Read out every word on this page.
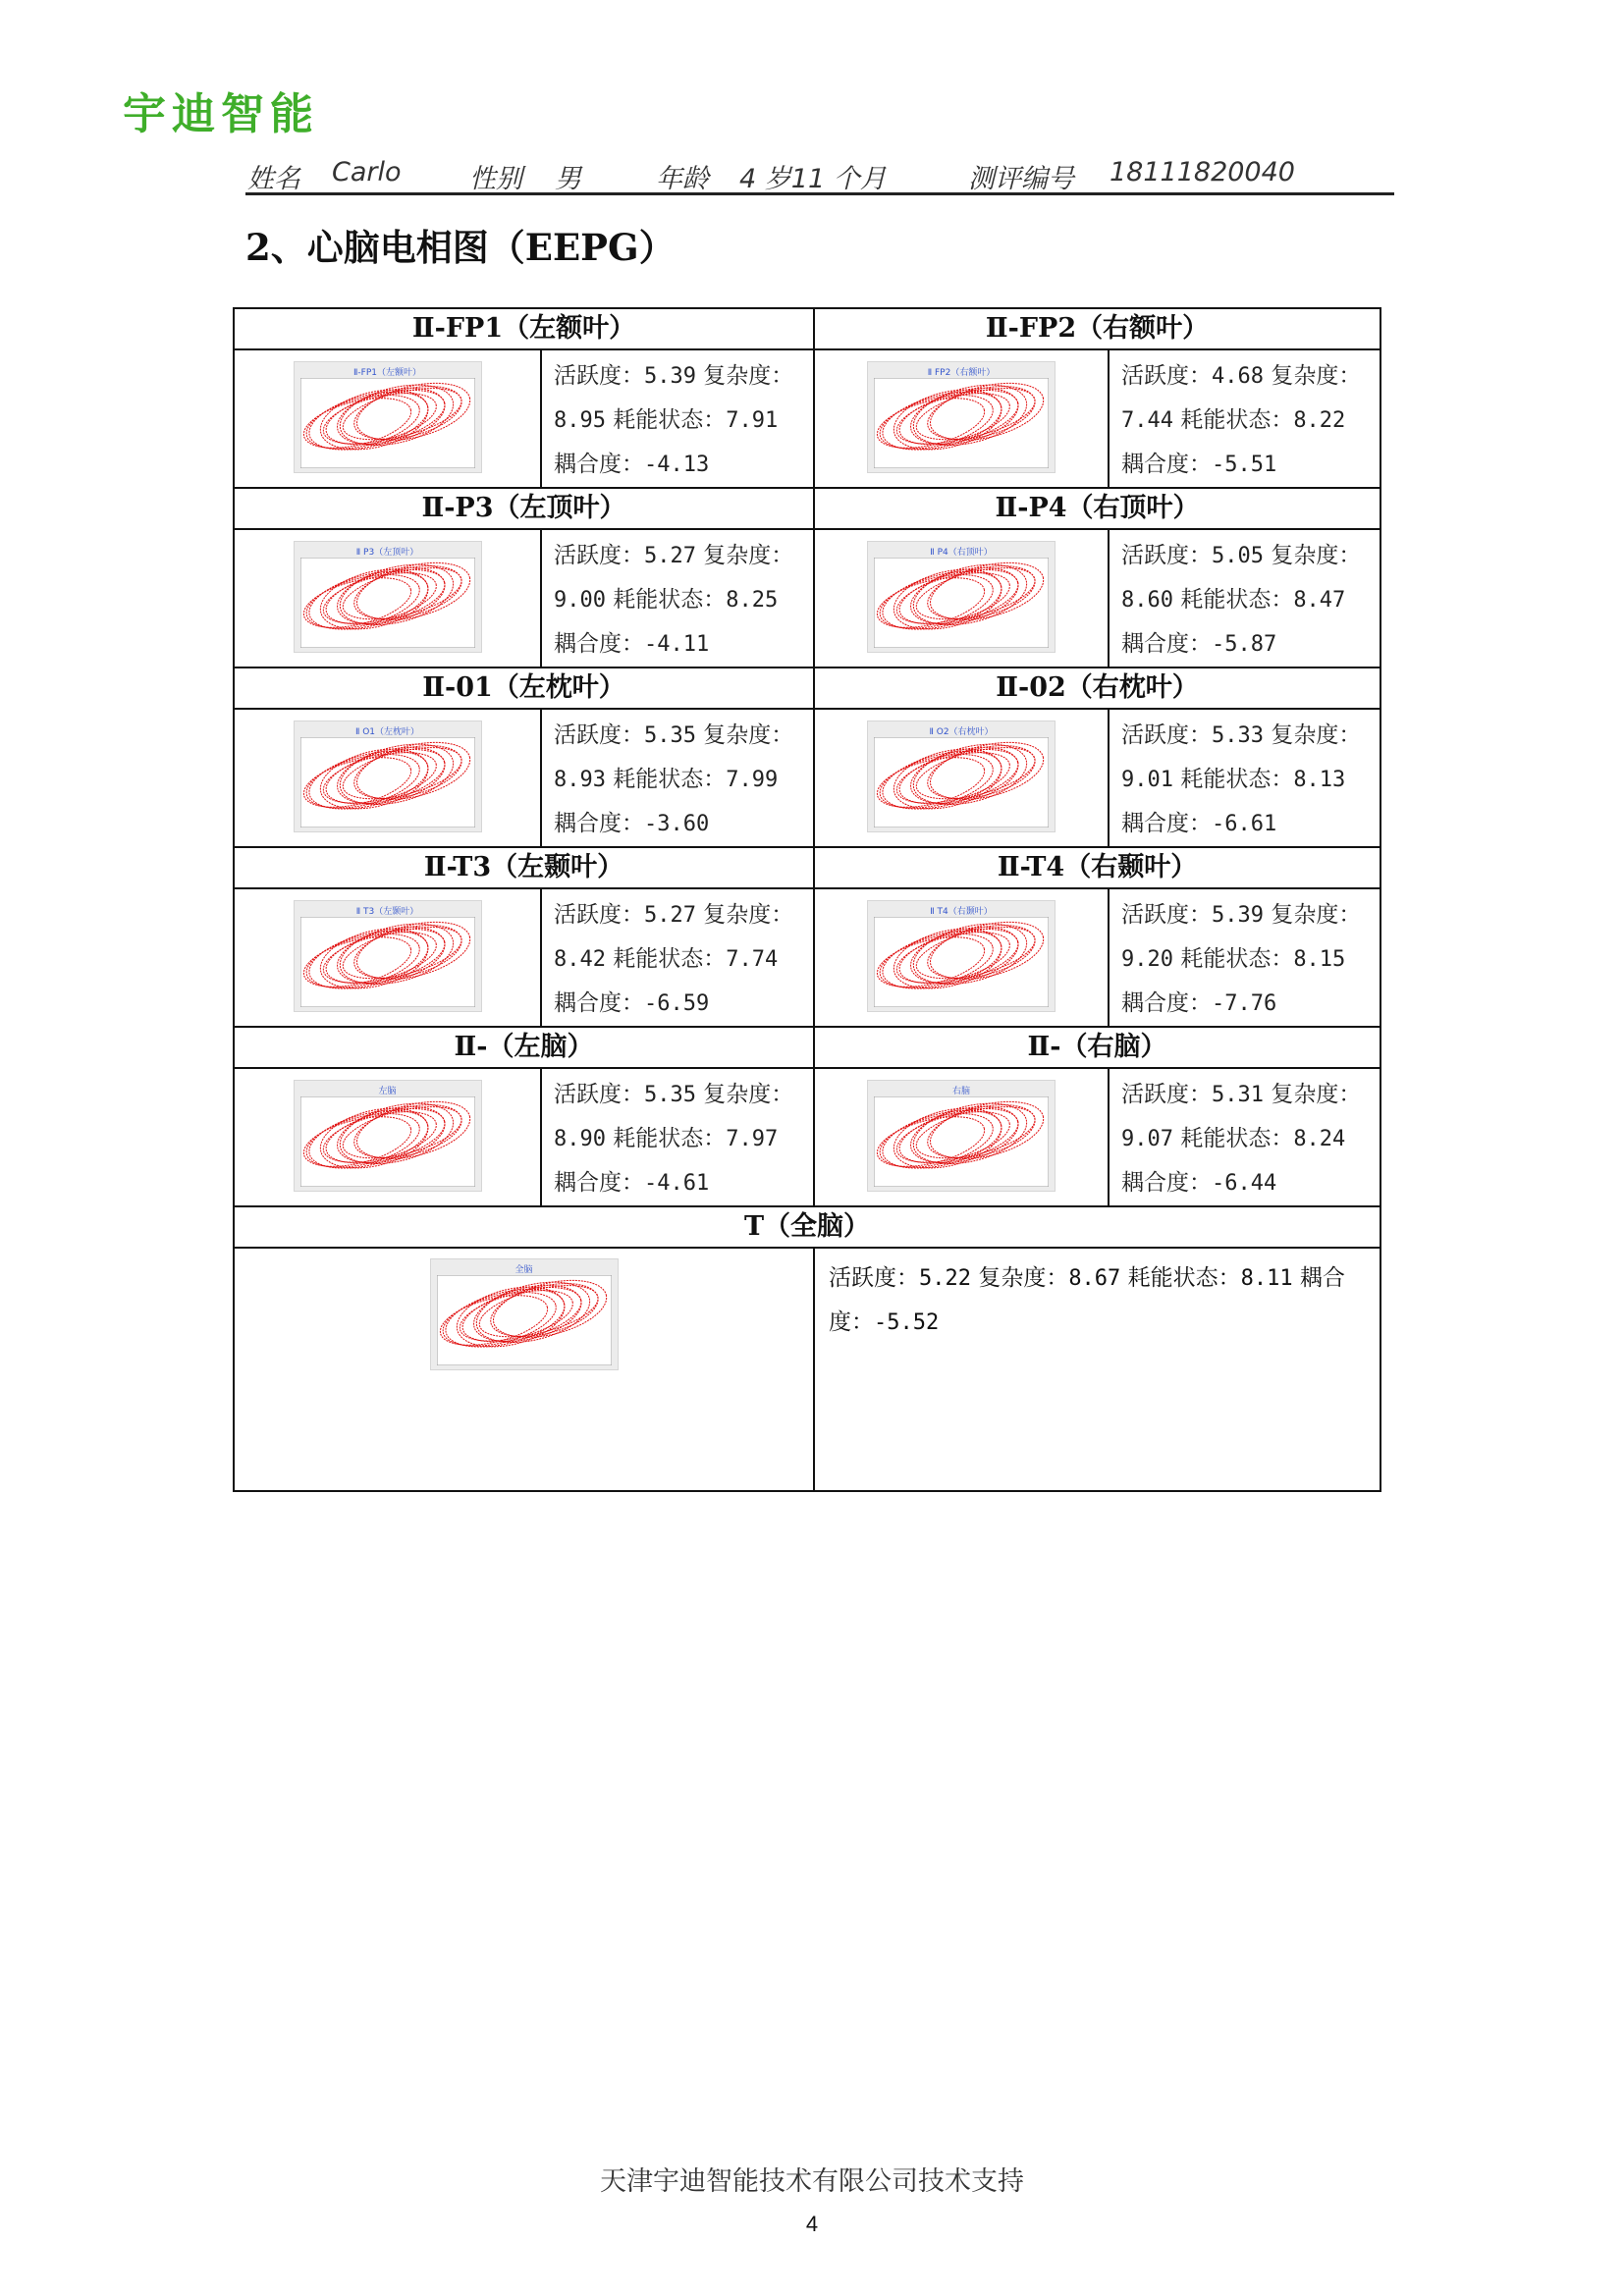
宇迪智能
姓名 Carlo	性别 男	年龄 4 岁11 个月	测评编号 18111820040
2、心脑电相图（EEPG）
Ⅱ-FP1（左额叶）		Ⅱ-FP2（右额叶）	

Ⅱ-FP1（左额叶）	活跃度：5.39 复杂度：
8.95 耗能状态：7.91
耦合度：-4.13	Ⅱ FP2（右额叶）	活跃度：4.68 复杂度：
7.44 耗能状态：8.22
耦合度：-5.51
Ⅱ-P3（左顶叶）		Ⅱ-P4（右顶叶）	

Ⅱ P3（左顶叶）	活跃度：5.27 复杂度：
9.00 耗能状态：8.25
耦合度：-4.11	Ⅱ P4（右顶叶）	活跃度：5.05 复杂度：
8.60 耗能状态：8.47
耦合度：-5.87
Ⅱ-01（左枕叶）		Ⅱ-02（右枕叶）	

Ⅱ O1（左枕叶）	活跃度：5.35 复杂度：
8.93 耗能状态：7.99
耦合度：-3.60	Ⅱ O2（右枕叶）	活跃度：5.33 复杂度：
9.01 耗能状态：8.13
耦合度：-6.61
Ⅱ-T3（左颞叶）		Ⅱ-T4（右颞叶）	

Ⅱ T3（左颞叶）	活跃度：5.27 复杂度：
8.42 耗能状态：7.74
耦合度：-6.59	Ⅱ T4（右颞叶）	活跃度：5.39 复杂度：
9.20 耗能状态：8.15
耦合度：-7.76
Ⅱ-（左脑）		Ⅱ-（右脑）	

左脑	活跃度：5.35 复杂度：
8.90 耗能状态：7.97
耦合度：-4.61	右脑	活跃度：5.31 复杂度：
9.07 耗能状态：8.24
耦合度：-6.44
T（全脑）			

全脑		活跃度：5.22 复杂度：8.67 耗能状态：8.11 耦合度：-5.52	
天津宇迪智能技术有限公司技术支持
4
